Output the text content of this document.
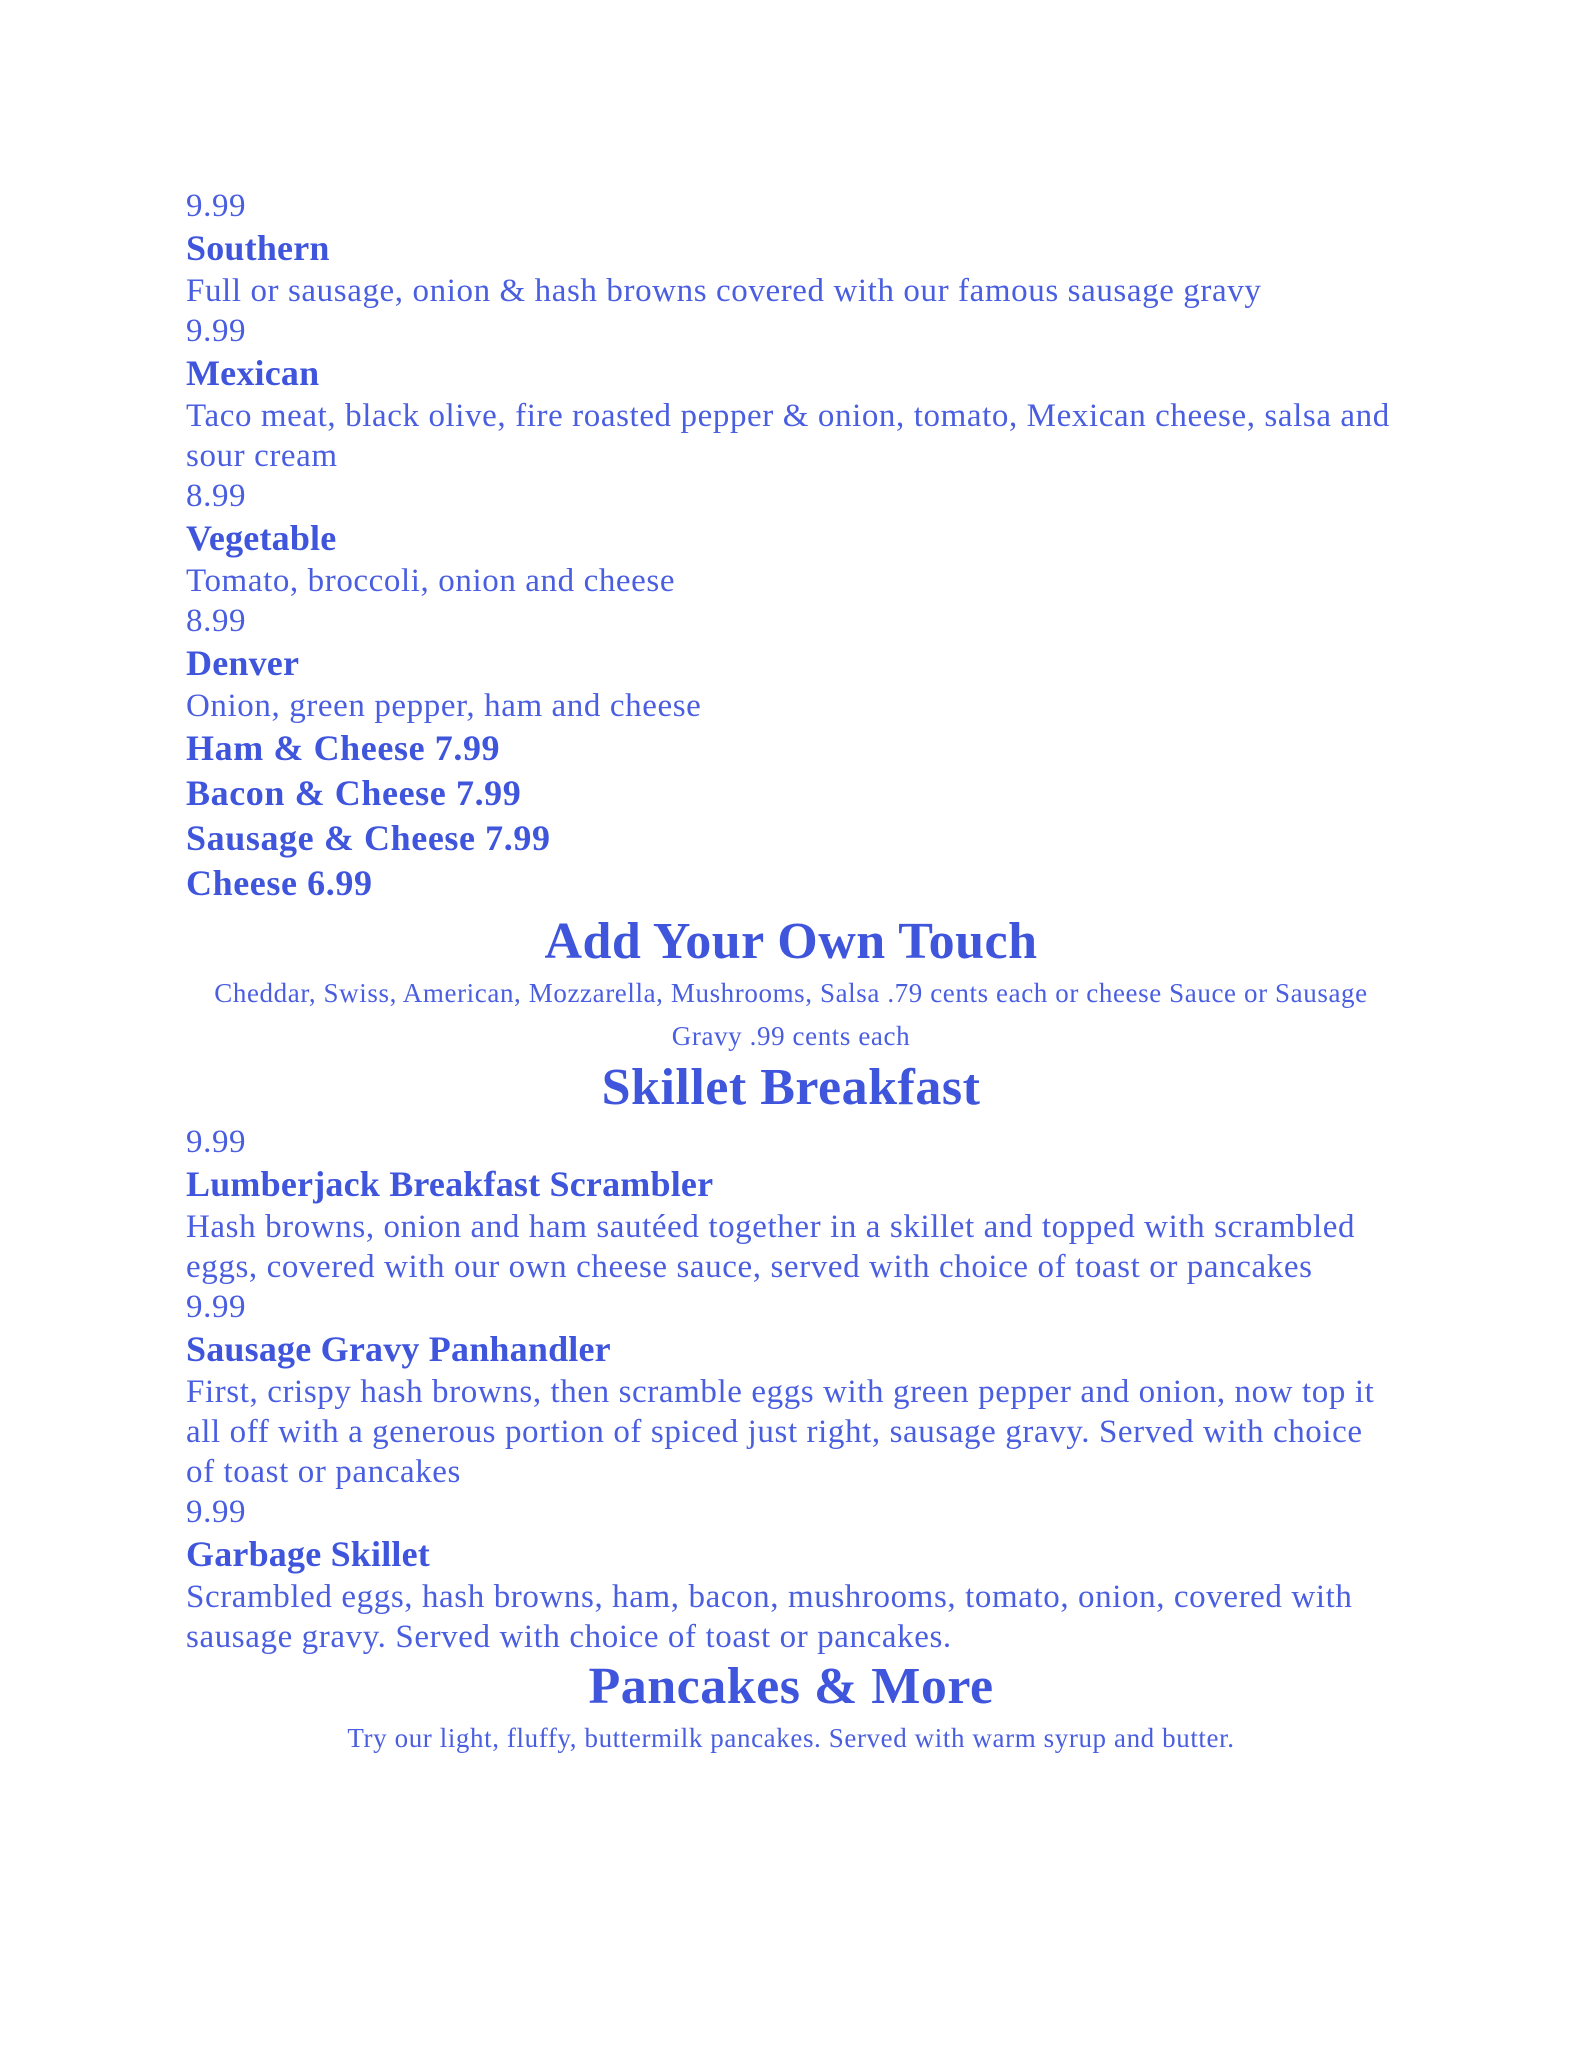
9.99

Southern

Full or sausage, onion & hash browns covered with our famous sausage gravy

9.99

Mexican

Taco meat, black olive, fire roasted pepper & onion, tomato, Mexican cheese, salsa and sour cream

8.99

Vegetable

Tomato, broccoli, onion and cheese

8.99

Denver

Onion, green pepper, ham and cheese

Ham & Cheese 7.99

Bacon & Cheese 7.99

Sausage & Cheese 7.99

Cheese 6.99

Add Your Own Touch

Cheddar, Swiss, American, Mozzarella, Mushrooms, Salsa .79 cents each or cheese Sauce or Sausage Gravy .99 cents each

Skillet Breakfast

9.99

Lumberjack Breakfast Scrambler

Hash browns, onion and ham sautéed together in a skillet and topped with scrambled eggs, covered with our own cheese sauce, served with choice of toast or pancakes

9.99

Sausage Gravy Panhandler

First, crispy hash browns, then scramble eggs with green pepper and onion, now top it all off with a generous portion of spiced just right, sausage gravy. Served with choice of toast or pancakes

9.99

Garbage Skillet

Scrambled eggs, hash browns, ham, bacon, mushrooms, tomato, onion, covered with sausage gravy. Served with choice of toast or pancakes.

Pancakes & More

Try our light, fluffy, buttermilk pancakes. Served with warm syrup and butter.
